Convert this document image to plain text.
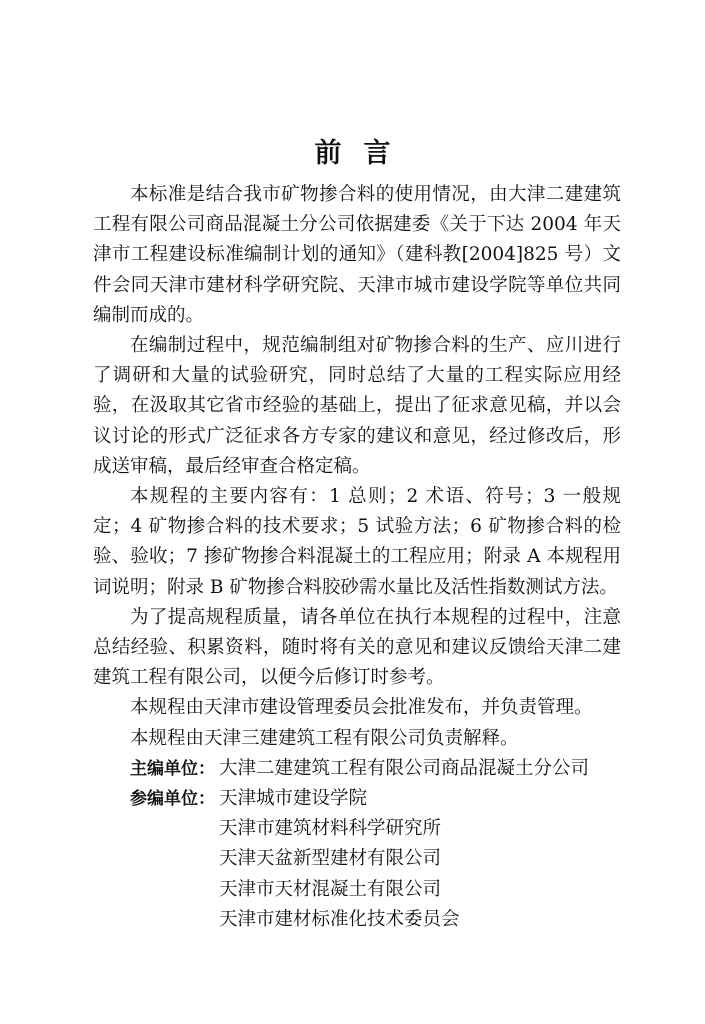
前言

本标准是结合我市矿物掺合料的使用情况，由大津二建建筑工程有限公司商品混凝土分公司依据建委《关于下达 2004 年天津市工程建设标准编制计划的通知》（建科教[2004]825 号）文件会同天津市建材科学研究院、天津市城市建设学院等单位共同编制而成的。

在编制过程中，规范编制组对矿物掺合料的生产、应川进行了调研和大量的试验研究，同时总结了大量的工程实际应用经验，在汲取其它省市经验的基础上，提出了征求意见稿，并以会议讨论的形式广泛征求各方专家的建议和意见，经过修改后，形成送审稿，最后经审查合格定稿。

本规程的主要内容有：1 总则；2 术语、符号；3 一般规定；4 矿物掺合料的技术要求；5 试验方法；6 矿物掺合料的检验、验收；7 掺矿物掺合料混凝土的工程应用；附录 A 本规程用词说明；附录 B 矿物掺合料胶砂需水量比及活性指数测试方法。

为了提高规程质量，请各单位在执行本规程的过程中，注意总结经验、积累资料，随时将有关的意见和建议反馈给天津二建建筑工程有限公司，以便今后修订时参考。

本规程由天津市建设管理委员会批准发布，并负责管理。

本规程由天津三建建筑工程有限公司负责解释。

主编单位： 大津二建建筑工程有限公司商品混凝土分公司
参编单位： 天津城市建设学院
天津市建筑材料科学研究所
天津天盆新型建材有限公司
天津市天材混凝土有限公司
天津市建材标准化技术委员会
